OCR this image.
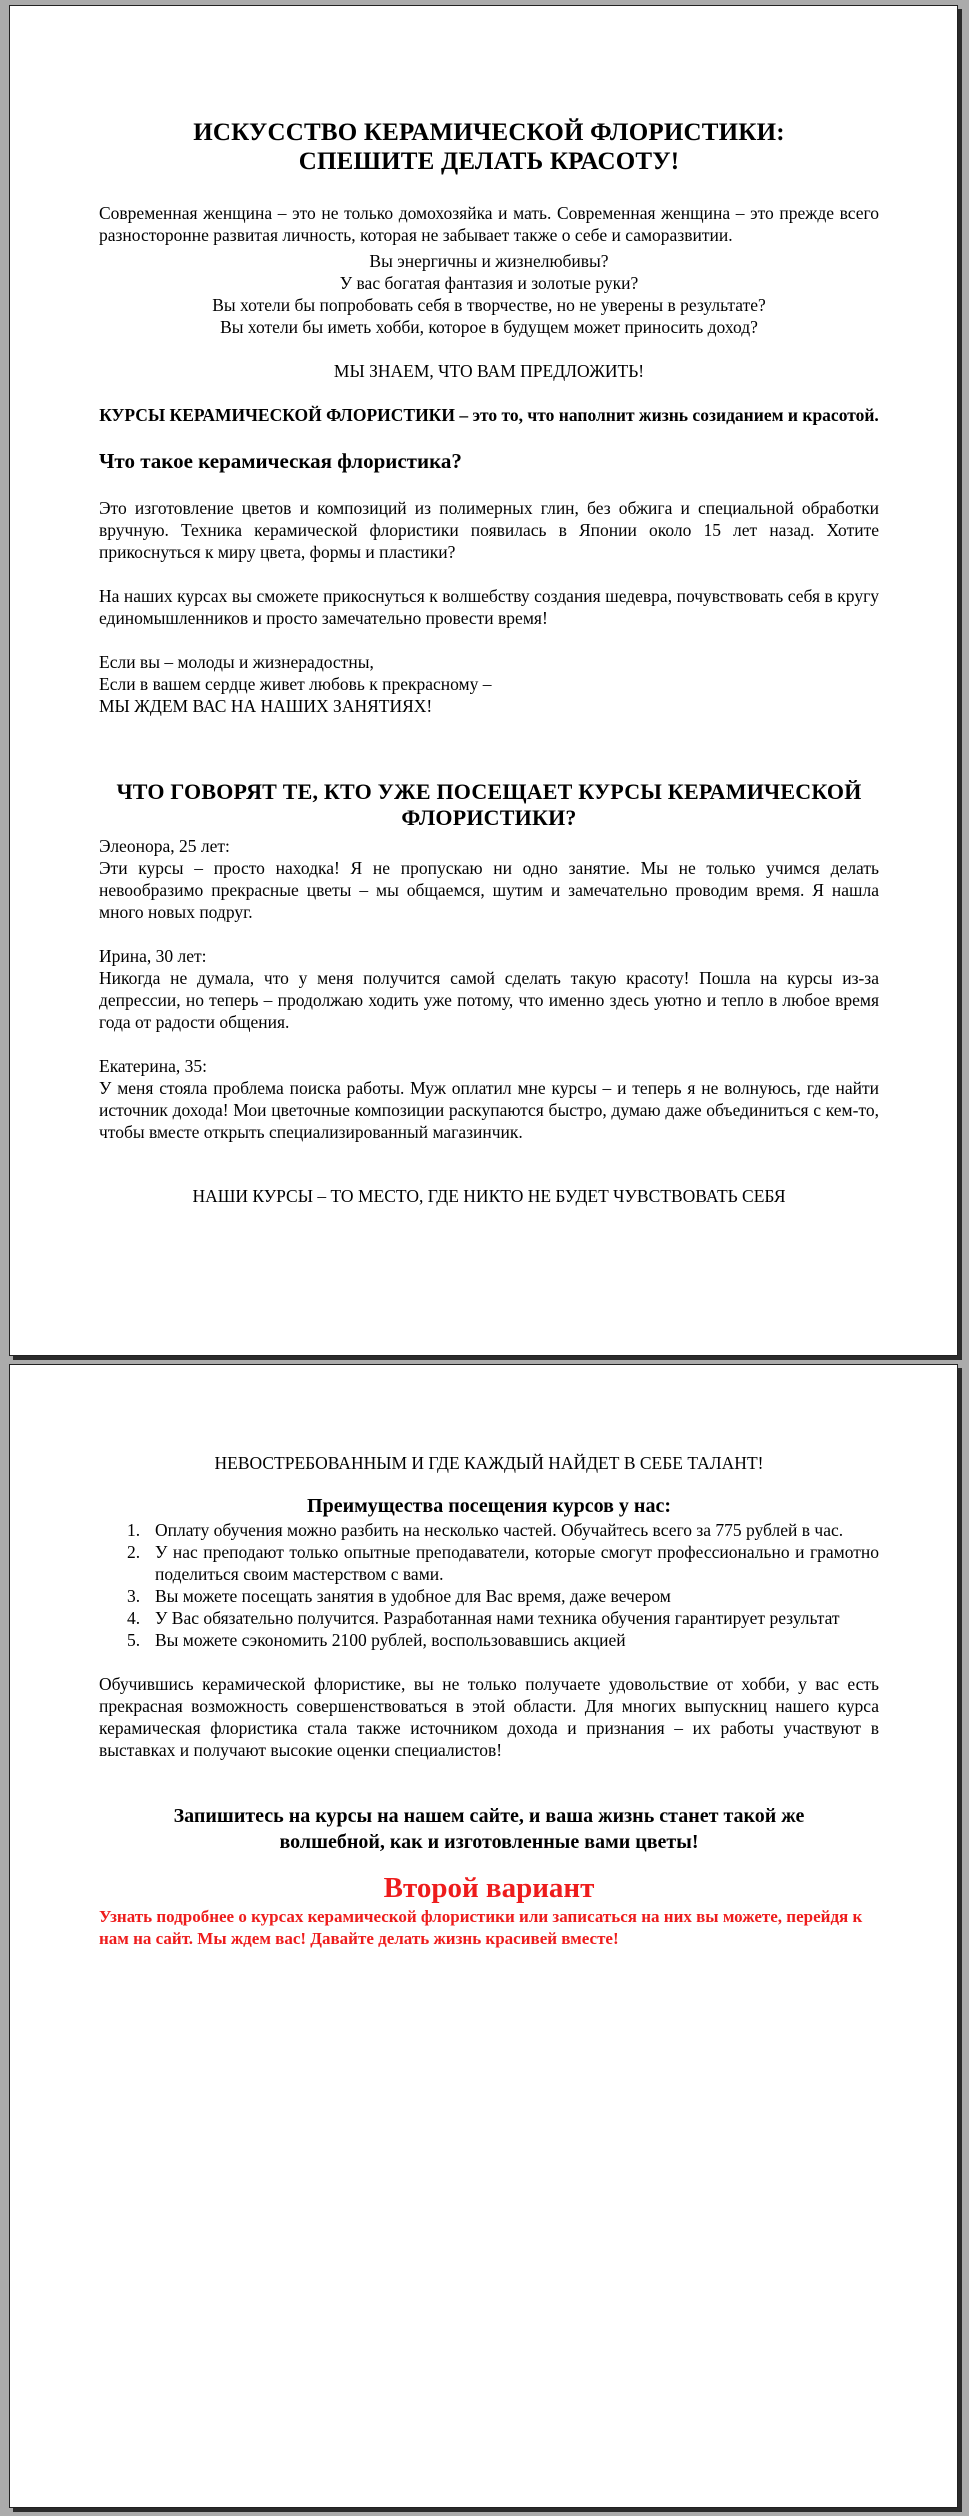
ИСКУССТВО КЕРАМИЧЕСКОЙ ФЛОРИСТИКИ: СПЕШИТЕ ДЕЛАТЬ КРАСОТУ!

Современная женщина – это не только домохозяйка и мать. Современная женщина – это прежде всего разносторонне развитая личность, которая не забывает также о себе и саморазвитии.

Вы энергичны и жизнелюбивы?

У вас богатая фантазия и золотые руки?

Вы хотели бы попробовать себя в творчестве, но не уверены в результате?

Вы хотели бы иметь хобби, которое в будущем может приносить доход?

МЫ ЗНАЕМ, ЧТО ВАМ ПРЕДЛОЖИТЬ!

КУРСЫ КЕРАМИЧЕСКОЙ ФЛОРИСТИКИ – это то, что наполнит жизнь созиданием и красотой.

Что такое керамическая флористика?

Это изготовление цветов и композиций из полимерных глин, без обжига и специальной обработки вручную. Техника керамической флористики появилась в Японии около 15 лет назад. Хотите прикоснуться к миру цвета, формы и пластики?

На наших курсах вы сможете прикоснуться к волшебству создания шедевра, почувствовать себя в кругу единомышленников и просто замечательно провести время!

Если вы – молоды и жизнерадостны,

Если в вашем сердце живет любовь к прекрасному –

МЫ ЖДЕМ ВАС НА НАШИХ ЗАНЯТИЯХ!

ЧТО ГОВОРЯТ ТЕ, КТО УЖЕ ПОСЕЩАЕТ КУРСЫ КЕРАМИЧЕСКОЙ ФЛОРИСТИКИ?

Элеонора, 25 лет:

Эти курсы – просто находка! Я не пропускаю ни одно занятие. Мы не только учимся делать невообразимо прекрасные цветы – мы общаемся, шутим и замечательно проводим время. Я нашла много новых подруг.

Ирина, 30 лет:

Никогда не думала, что у меня получится самой сделать такую красоту! Пошла на курсы из-за депрессии, но теперь – продолжаю ходить уже потому, что именно здесь уютно и тепло в любое время года от радости общения.

Екатерина, 35:

У меня стояла проблема поиска работы. Муж оплатил мне курсы – и теперь я не волнуюсь, где найти источник дохода! Мои цветочные композиции раскупаются быстро, думаю даже объединиться с кем-то, чтобы вместе открыть специализированный магазинчик.

НАШИ КУРСЫ – ТО МЕСТО, ГДЕ НИКТО НЕ БУДЕТ ЧУВСТВОВАТЬ СЕБЯ

НЕВОСТРЕБОВАННЫМ И ГДЕ КАЖДЫЙ НАЙДЕТ В СЕБЕ ТАЛАНТ!

Преимущества посещения курсов у нас:

1. Оплату обучения можно разбить на несколько частей. Обучайтесь всего за 775 рублей в час.
2. У нас преподают только опытные преподаватели, которые смогут профессионально и грамотно поделиться своим мастерством с вами.
3. Вы можете посещать занятия в удобное для Вас время, даже вечером
4. У Вас обязательно получится. Разработанная нами техника обучения гарантирует результат
5. Вы можете сэкономить 2100 рублей, воспользовавшись акцией

Обучившись керамической флористике, вы не только получаете удовольствие от хобби, у вас есть прекрасная возможность совершенствоваться в этой области. Для многих выпускниц нашего курса керамическая флористика стала также источником дохода и признания – их работы участвуют в выставках и получают высокие оценки специалистов!

Запишитесь на курсы на нашем сайте, и ваша жизнь станет такой же волшебной, как и изготовленные вами цветы!

Второй вариант

Узнать подробнее о курсах керамической флористики или записаться на них вы можете, перейдя к нам на сайт. Мы ждем вас! Давайте делать жизнь красивей вместе!
